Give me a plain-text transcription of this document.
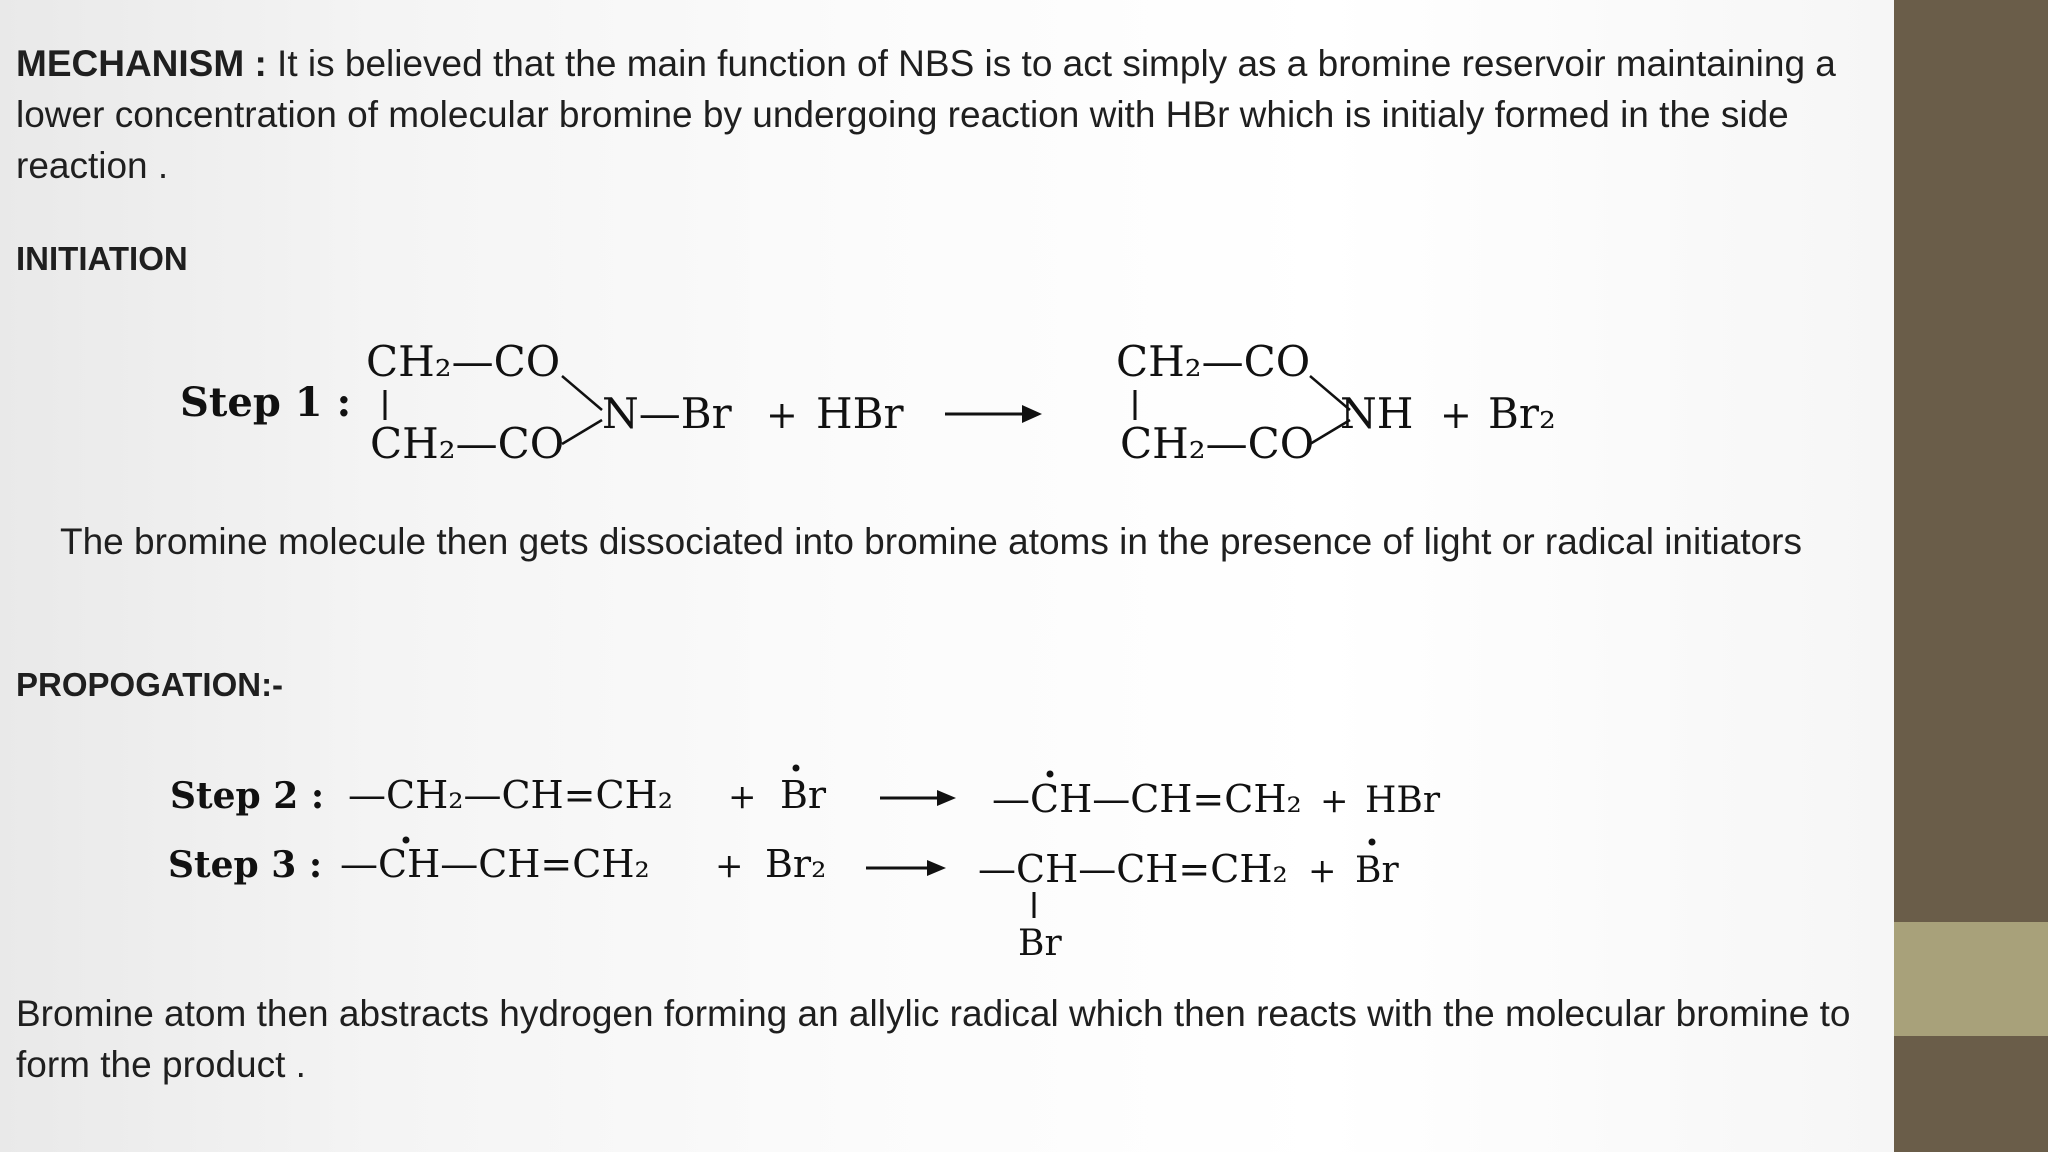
MECHANISM : It is believed that the main function of NBS is to act simply as a bromine reservoir maintaining a lower concentration of molecular bromine by undergoing reaction with HBr which is initialy formed in the side reaction .

INITIATION

Step 1 :
CH₂—CO
CH₂—CO
N—Br + HBr
CH₂—CO
CH₂—CO
NH + Br₂

The bromine molecule then gets dissociated into bromine atoms in the presence of light or radical initiators

PROPOGATION:-

Step 2 : —CH₂—CH=CH₂ + Br	—CH—CH=CH₂ + HBr
Step 3 : —CH—CH=CH₂ + Br₂	—CH—CH=CH₂
Br
+ Br

Bromine atom then abstracts hydrogen forming an allylic radical which then reacts with the molecular bromine to form the product .
